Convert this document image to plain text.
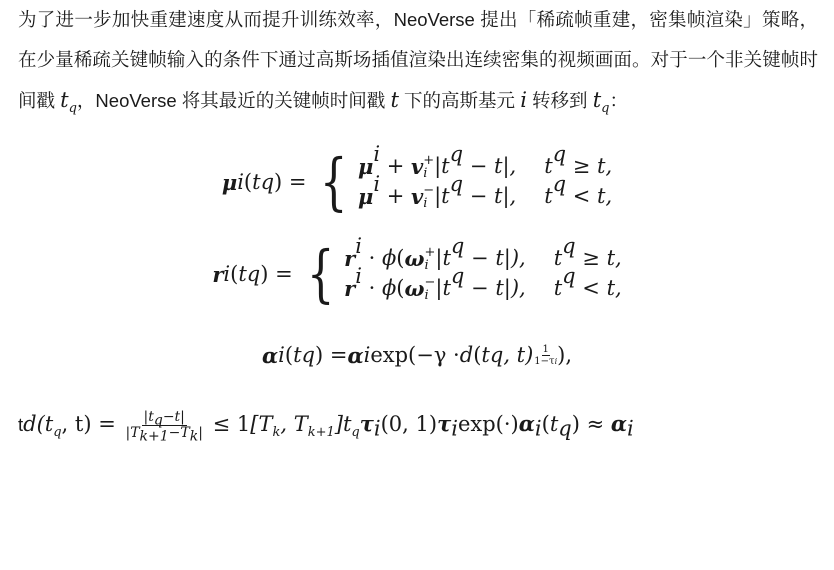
为了进一步加快重建速度从而提升训练效率，NeoVerse 提出「稀疏帧重建，密集帧渲染」策略，在少量稀疏关键帧输入的条件下通过高斯场插值渲染出连续密集的视频画面。对于一个非关键帧时间戳 $t_q$，NeoVerse 将其最近的关键帧时间戳 t 下的高斯基元 i 转移到 $t_q$：
μ i ( t q ) = { μ i + v +
i |t q − t|, t q ≥ t,
μ i + v −
i |t q − t|, t q < t,
r i ( t q ) = { r i · ϕ ( ω +
i |t q − t|), t q ≥ t,
r i · ϕ ( ω −
i |t q − t|), t q < t,
α i ( t q ) = α i exp (−γ · d ( t q , $t) \frac{1}{1-\tau i}$ ),
$td(t_q$, $t) = \frac{|t_q-t|}{|T_{k+1}-T_k|} \le 1[T_k$, $T_{k+1}]t_q\tau_i(0$, $1)\tau_i\exp(\cdot)\alpha_i(t_q) \approx \alpha_i$
